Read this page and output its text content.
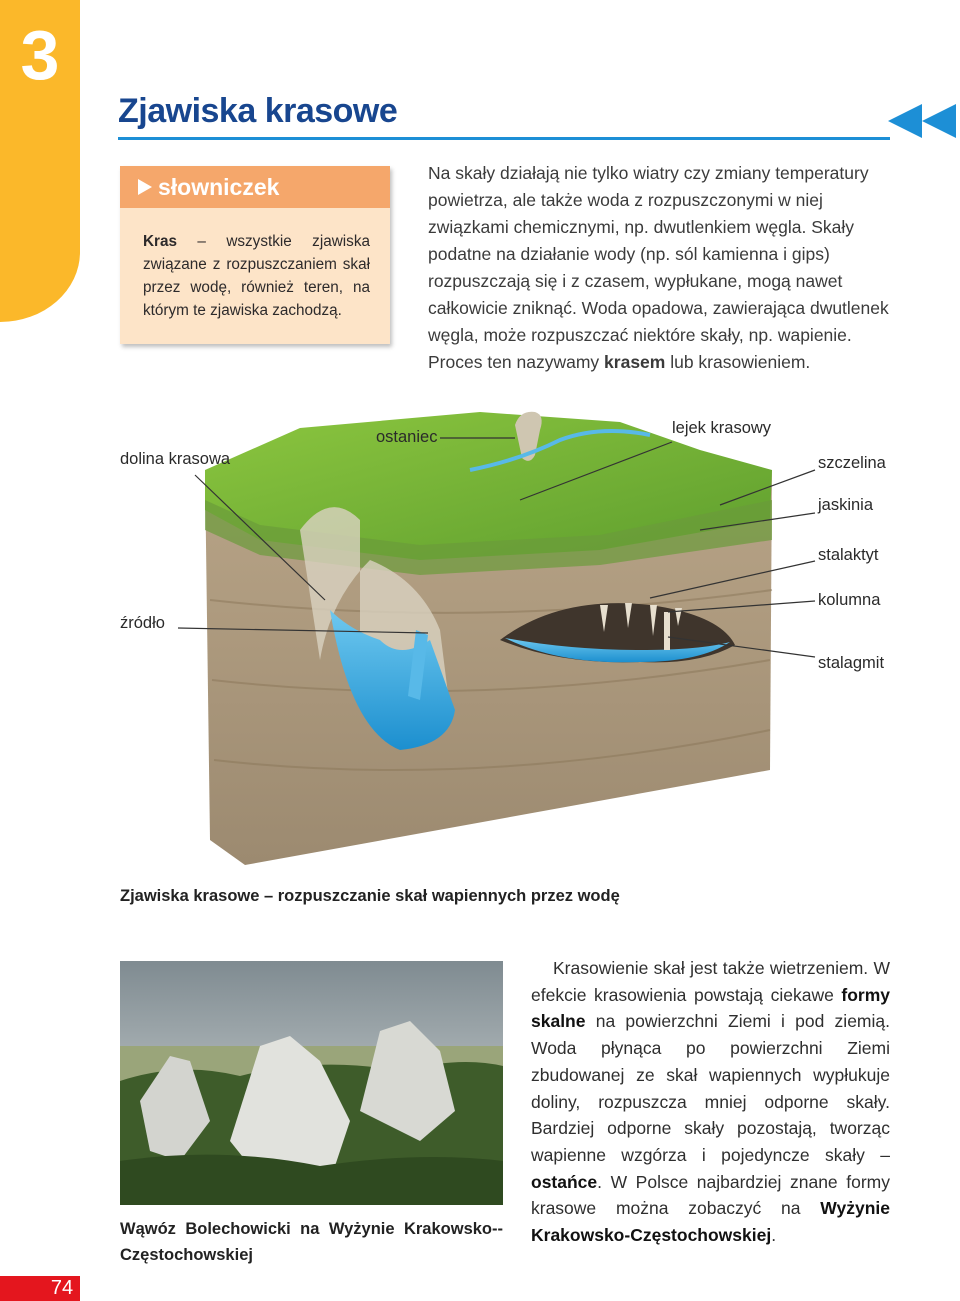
3
Zjawiska krasowe
słowniczek
Kras – wszystkie zjawiska związane z rozpuszczaniem skał przez wodę, również teren, na którym te zjawiska zachodzą.

Na skały działają nie tylko wiatry czy zmiany temperatury powietrza, ale także woda z rozpuszczonymi w niej związkami chemicznymi, np. dwutlenkiem węgla. Skały podatne na działanie wody (np. sól kamienna i gips) rozpuszczają się i z czasem, wypłukane, mogą nawet całkowicie zniknąć. Woda opadowa, zawierająca dwutlenek węgla, może rozpuszczać niektóre skały, np. wapienie. Proces ten nazywamy krasem lub krasowieniem.

dolina krasowa
ostaniec	lejek krasowy
szczelina
jaskinia
stalaktyt
kolumna
źródło
stalagmit
Zjawiska krasowe – rozpuszczanie skał wapiennych przez wodę
Wąwóz Bolechowicki na Wyżynie Krakowsko--Częstochowskiej

Krasowienie skał jest także wietrzeniem. W efekcie krasowienia powstają ciekawe formy skalne na powierzchni Ziemi i pod ziemią. Woda płynąca po powierzchni Ziemi zbudowanej ze skał wapiennych wypłukuje doliny, rozpuszcza mniej odporne skały. Bardziej odporne skały pozostają, tworząc wapienne wzgórza i pojedyncze skały – ostańce. W Polsce najbardziej znane formy krasowe można zobaczyć na Wyżynie Krakowsko-Częstochowskiej.

74
